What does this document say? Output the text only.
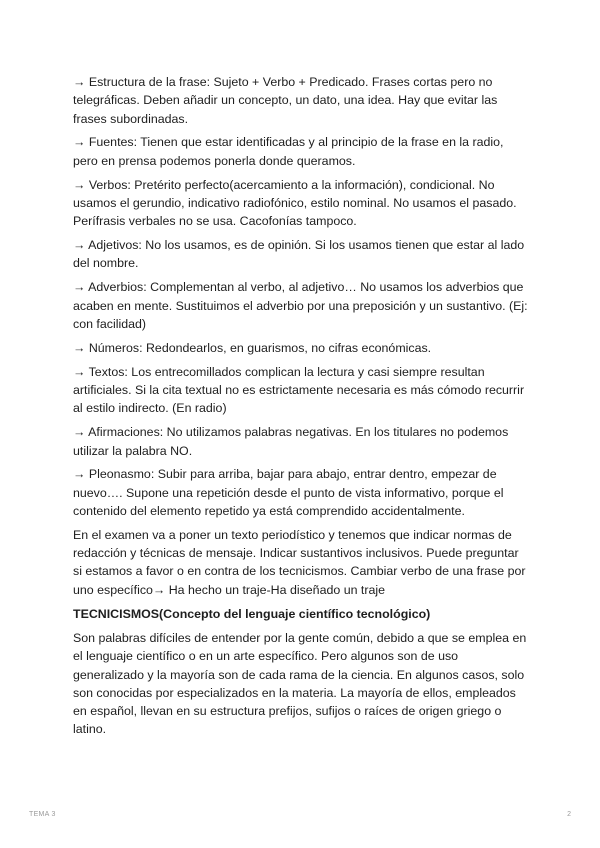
→ Estructura de la frase: Sujeto + Verbo + Predicado. Frases cortas pero no telegráficas. Deben añadir un concepto, un dato, una idea. Hay que evitar las frases subordinadas.

→ Fuentes: Tienen que estar identificadas y al principio de la frase en la radio, pero en prensa podemos ponerla donde queramos.

→ Verbos: Pretérito perfecto(acercamiento a la información), condicional. No usamos el gerundio, indicativo radiofónico, estilo nominal. No usamos el pasado. Perífrasis verbales no se usa. Cacofonías tampoco.

→ Adjetivos: No los usamos, es de opinión. Si los usamos tienen que estar al lado del nombre.

→ Adverbios: Complementan al verbo, al adjetivo… No usamos los adverbios que acaben en mente. Sustituimos el adverbio por una preposición y un sustantivo. (Ej: con facilidad)

→ Números: Redondearlos, en guarismos, no cifras económicas.

→ Textos: Los entrecomillados complican la lectura y casi siempre resultan artificiales. Si la cita textual no es estrictamente necesaria es más cómodo recurrir al estilo indirecto. (En radio)

→ Afirmaciones: No utilizamos palabras negativas. En los titulares no podemos utilizar la palabra NO.

→ Pleonasmo: Subir para arriba, bajar para abajo, entrar dentro, empezar de nuevo…. Supone una repetición desde el punto de vista informativo, porque el contenido del elemento repetido ya está comprendido accidentalmente.

En el examen va a poner un texto periodístico y tenemos que indicar normas de redacción y técnicas de mensaje. Indicar sustantivos inclusivos. Puede preguntar si estamos a favor o en contra de los tecnicismos. Cambiar verbo de una frase por uno específico→ Ha hecho un traje-Ha diseñado un traje

TECNICISMOS(Concepto del lenguaje científico tecnológico)

Son palabras difíciles de entender por la gente común, debido a que se emplea en el lenguaje científico o en un arte específico. Pero algunos son de uso generalizado y la mayoría son de cada rama de la ciencia. En algunos casos, solo son conocidas por especializados en la materia. La mayoría de ellos, empleados en español, llevan en su estructura prefijos, sufijos o raíces de origen griego o latino.

TEMA 3	2
